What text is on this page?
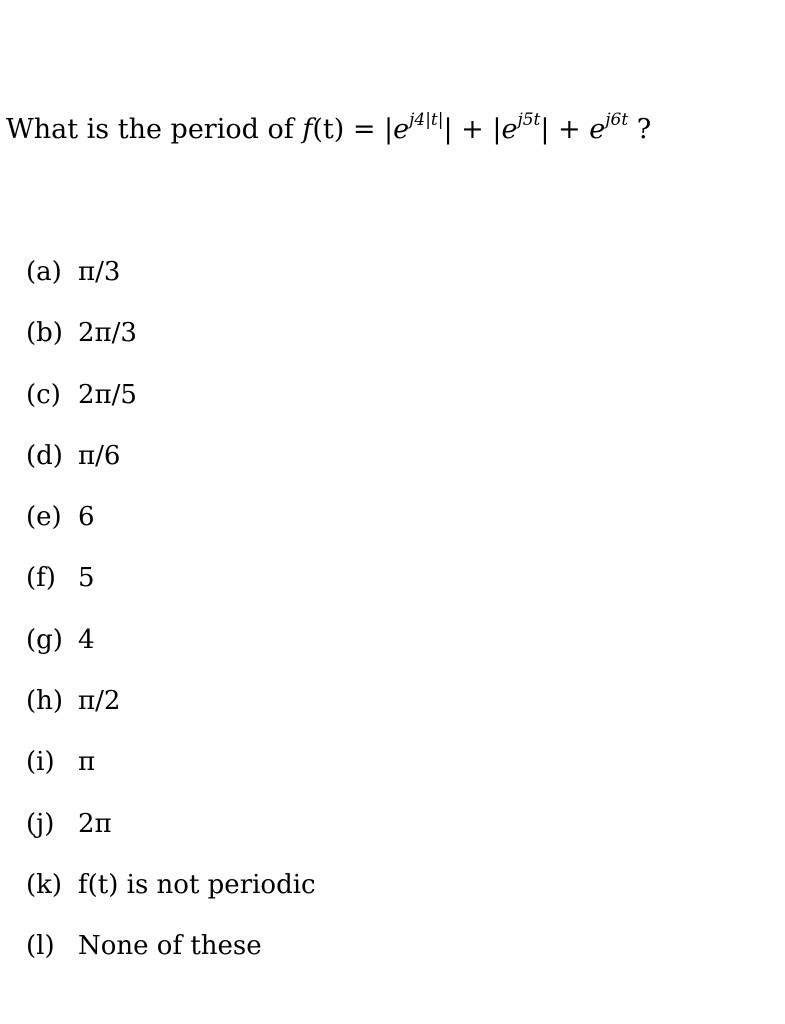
What is the period of $f(t) = |e^{j4|t|}| + |e^{j5t}| + e^{j6t}$ ?
(a) π/3
(b) 2π/3
(c) 2π/5
(d) π/6
(e) 6
(f) 5
(g) 4
(h) π/2
(i) π
(j) 2π
(k) f(t) is not periodic
(l) None of these
